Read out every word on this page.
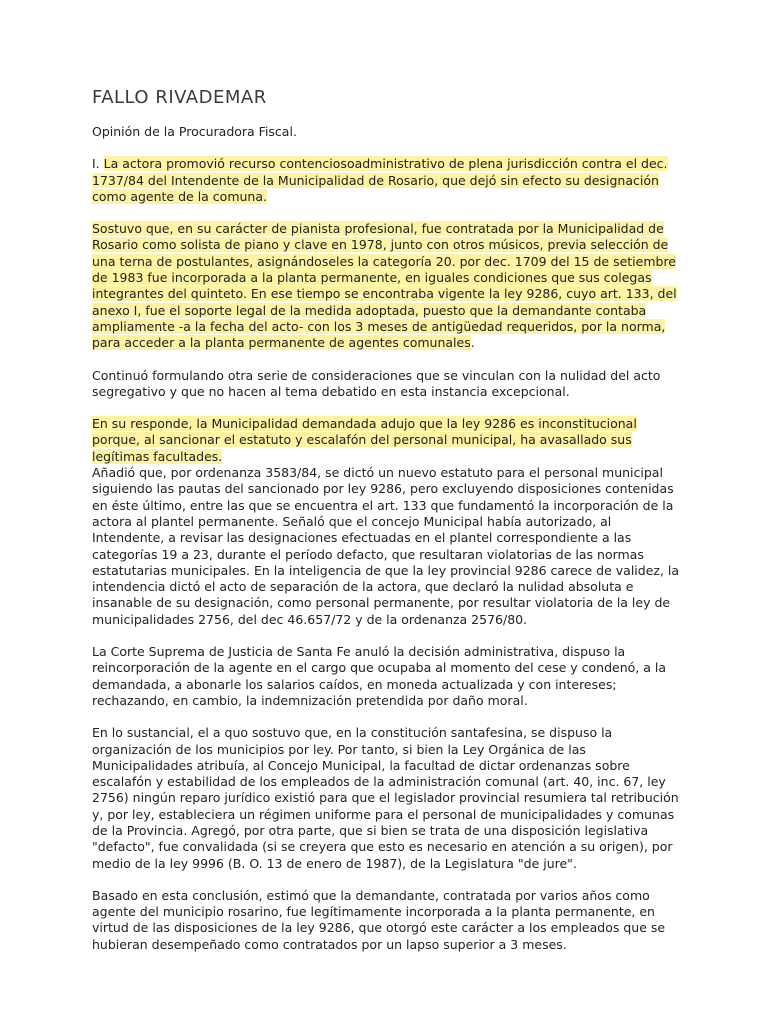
FALLO RIVADEMAR

Opinión de la Procuradora Fiscal.

I. La actora promovió recurso contenciosoadministrativo de plena jurisdicción contra el dec. 1737/84 del Intendente de la Municipalidad de Rosario, que dejó sin efecto su designación como agente de la comuna.

Sostuvo que, en su carácter de pianista profesional, fue contratada por la Municipalidad de Rosario como solista de piano y clave en 1978, junto con otros músicos, previa selección de una terna de postulantes, asignándoseles la categoría 20. por dec. 1709 del 15 de setiembre de 1983 fue incorporada a la planta permanente, en iguales condiciones que sus colegas integrantes del quinteto. En ese tiempo se encontraba vigente la ley 9286, cuyo art. 133, del anexo I, fue el soporte legal de la medida adoptada, puesto que la demandante contaba ampliamente -a la fecha del acto- con los 3 meses de antigüedad requeridos, por la norma, para acceder a la planta permanente de agentes comunales.

Continuó formulando otra serie de consideraciones que se vinculan con la nulidad del acto segregativo y que no hacen al tema debatido en esta instancia excepcional.

En su responde, la Municipalidad demandada adujo que la ley 9286 es inconstitucional porque, al sancionar el estatuto y escalafón del personal municipal, ha avasallado sus legítimas facultades.
Añadió que, por ordenanza 3583/84, se dictó un nuevo estatuto para el personal municipal siguiendo las pautas del sancionado por ley 9286, pero excluyendo disposiciones contenidas en éste último, entre las que se encuentra el art. 133 que fundamentó la incorporación de la actora al plantel permanente. Señaló que el concejo Municipal había autorizado, al Intendente, a revisar las designaciones efectuadas en el plantel correspondiente a las categorías 19 a 23, durante el período defacto, que resultaran violatorias de las normas estatutarias municipales. En la inteligencia de que la ley provincial 9286 carece de validez, la intendencia dictó el acto de separación de la actora, que declaró la nulidad absoluta e insanable de su designación, como personal permanente, por resultar violatoria de la ley de municipalidades 2756, del dec 46.657/72 y de la ordenanza 2576/80.

La Corte Suprema de Justicia de Santa Fe anuló la decisión administrativa, dispuso la reincorporación de la agente en el cargo que ocupaba al momento del cese y condenó, a la demandada, a abonarle los salarios caídos, en moneda actualizada y con intereses; rechazando, en cambio, la indemnización pretendida por daño moral.

En lo sustancial, el a quo sostuvo que, en la constitución santafesina, se dispuso la organización de los municipios por ley. Por tanto, si bien la Ley Orgánica de las Municipalidades atribuía, al Concejo Municipal, la facultad de dictar ordenanzas sobre escalafón y estabilidad de los empleados de la administración comunal (art. 40, inc. 67, ley 2756) ningún reparo jurídico existió para que el legislador provincial resumiera tal retribución y, por ley, estableciera un régimen uniforme para el personal de municipalidades y comunas de la Provincia. Agregó, por otra parte, que si bien se trata de una disposición legislativa "defacto", fue convalidada (si se creyera que esto es necesario en atención a su origen), por medio de la ley 9996 (B. O. 13 de enero de 1987), de la Legislatura "de jure".

Basado en esta conclusión, estimó que la demandante, contratada por varios años como agente del municipio rosarino, fue legítimamente incorporada a la planta permanente, en virtud de las disposiciones de la ley 9286, que otorgó este carácter a los empleados que se hubieran desempeñado como contratados por un lapso superior a 3 meses.
